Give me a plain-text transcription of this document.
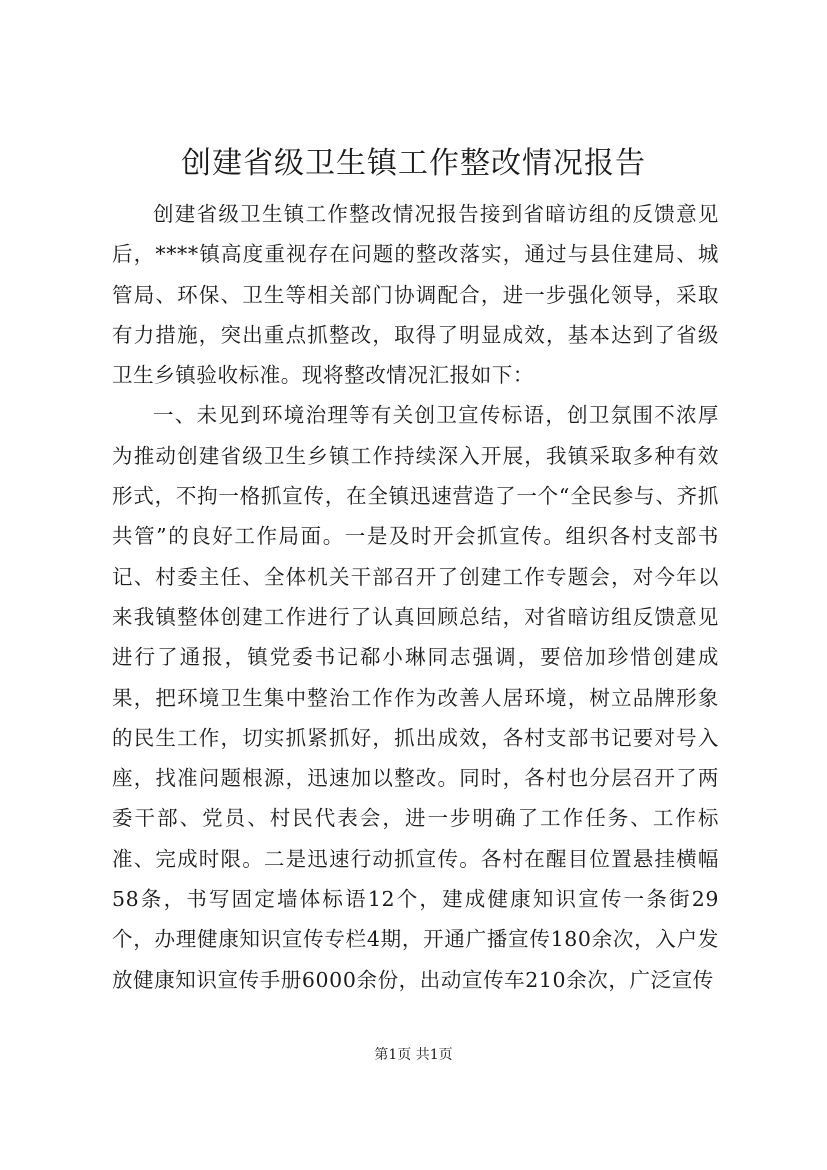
创建省级卫生镇工作整改情况报告

创建省级卫生镇工作整改情况报告接到省暗访组的反馈意见后，****镇高度重视存在问题的整改落实，通过与县住建局、城管局、环保、卫生等相关部门协调配合，进一步强化领导，采取有力措施，突出重点抓整改，取得了明显成效，基本达到了省级卫生乡镇验收标准。现将整改情况汇报如下：

一、未见到环境治理等有关创卫宣传标语，创卫氛围不浓厚为推动创建省级卫生乡镇工作持续深入开展，我镇采取多种有效形式，不拘一格抓宣传，在全镇迅速营造了一个“全民参与、齐抓共管”的良好工作局面。一是及时开会抓宣传。组织各村支部书记、村委主任、全体机关干部召开了创建工作专题会，对今年以来我镇整体创建工作进行了认真回顾总结，对省暗访组反馈意见进行了通报，镇党委书记郗小琳同志强调，要倍加珍惜创建成果，把环境卫生集中整治工作作为改善人居环境，树立品牌形象的民生工作，切实抓紧抓好，抓出成效，各村支部书记要对号入座，找准问题根源，迅速加以整改。同时，各村也分层召开了两委干部、党员、村民代表会，进一步明确了工作任务、工作标准、完成时限。二是迅速行动抓宣传。各村在醒目位置悬挂横幅58条，书写固定墙体标语12个，建成健康知识宣传一条街29个，办理健康知识宣传专栏4期，开通广播宣传180余次，入户发放健康知识宣传手册6000余份，出动宣传车210余次，广泛宣传

第1页 共1页
